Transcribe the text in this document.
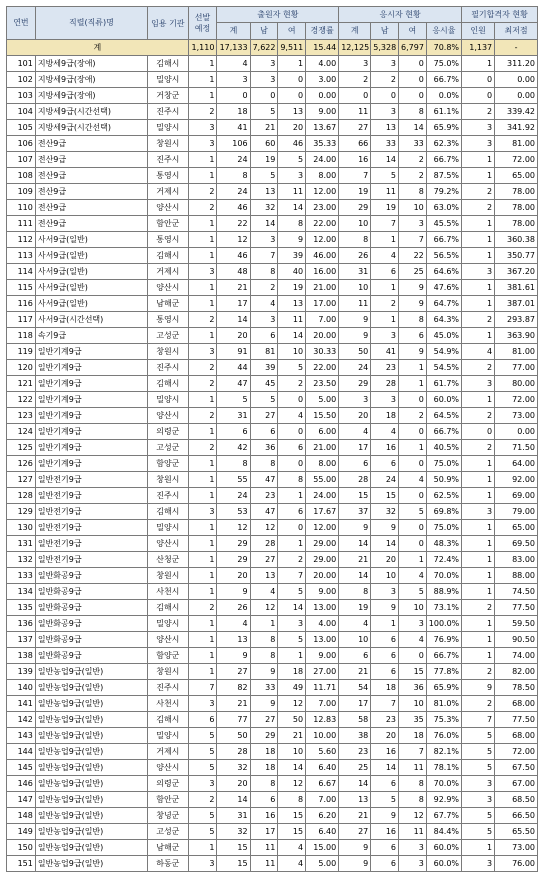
연번	직렬(직류)명	임용 기관	선발 예정	출원자 현황				응시자 현황				필기합격자 현황	
				계	남	여	경쟁률	계	남	여	응시율	인원	최저점
계			1,110	17,133	7,622	9,511	15.44	12,125	5,328	6,797	70.8%	1,137	-
101	지방세9급(장애)	김해시	1	4	3	1	4.00	3	3	0	75.0%	1	311.20
102	지방세9급(장애)	밀양시	1	3	3	0	3.00	2	2	0	66.7%	0	0.00
103	지방세9급(장애)	거창군	1	0	0	0	0.00	0	0	0	0.0%	0	0.00
104	지방세9급(시간선택)	진주시	2	18	5	13	9.00	11	3	8	61.1%	2	339.42
105	지방세9급(시간선택)	밀양시	3	41	21	20	13.67	27	13	14	65.9%	3	341.92
106	전산9급	창원시	3	106	60	46	35.33	66	33	33	62.3%	3	81.00
107	전산9급	진주시	1	24	19	5	24.00	16	14	2	66.7%	1	72.00
108	전산9급	통영시	1	8	5	3	8.00	7	5	2	87.5%	1	65.00
109	전산9급	거제시	2	24	13	11	12.00	19	11	8	79.2%	2	78.00
110	전산9급	양산시	2	46	32	14	23.00	29	19	10	63.0%	2	78.00
111	전산9급	함안군	1	22	14	8	22.00	10	7	3	45.5%	1	78.00
112	사서9급(일반)	통영시	1	12	3	9	12.00	8	1	7	66.7%	1	360.38
113	사서9급(일반)	김해시	1	46	7	39	46.00	26	4	22	56.5%	1	350.77
114	사서9급(일반)	거제시	3	48	8	40	16.00	31	6	25	64.6%	3	367.20
115	사서9급(일반)	양산시	1	21	2	19	21.00	10	1	9	47.6%	1	381.61
116	사서9급(일반)	남해군	1	17	4	13	17.00	11	2	9	64.7%	1	387.01
117	사서9급(시간선택)	통영시	2	14	3	11	7.00	9	1	8	64.3%	2	293.87
118	속기9급	고성군	1	20	6	14	20.00	9	3	6	45.0%	1	363.90
119	일반기계9급	창원시	3	91	81	10	30.33	50	41	9	54.9%	4	81.00
120	일반기계9급	진주시	2	44	39	5	22.00	24	23	1	54.5%	2	77.00
121	일반기계9급	김해시	2	47	45	2	23.50	29	28	1	61.7%	3	80.00
122	일반기계9급	밀양시	1	5	5	0	5.00	3	3	0	60.0%	1	72.00
123	일반기계9급	양산시	2	31	27	4	15.50	20	18	2	64.5%	2	73.00
124	일반기계9급	의령군	1	6	6	0	6.00	4	4	0	66.7%	0	0.00
125	일반기계9급	고성군	2	42	36	6	21.00	17	16	1	40.5%	2	71.50
126	일반기계9급	함양군	1	8	8	0	8.00	6	6	0	75.0%	1	64.00
127	일반전기9급	창원시	1	55	47	8	55.00	28	24	4	50.9%	1	92.00
128	일반전기9급	진주시	1	24	23	1	24.00	15	15	0	62.5%	1	69.00
129	일반전기9급	김해시	3	53	47	6	17.67	37	32	5	69.8%	3	79.00
130	일반전기9급	밀양시	1	12	12	0	12.00	9	9	0	75.0%	1	65.00
131	일반전기9급	양산시	1	29	28	1	29.00	14	14	0	48.3%	1	69.50
132	일반전기9급	산청군	1	29	27	2	29.00	21	20	1	72.4%	1	83.00
133	일반화공9급	창원시	1	20	13	7	20.00	14	10	4	70.0%	1	88.00
134	일반화공9급	사천시	1	9	4	5	9.00	8	3	5	88.9%	1	74.50
135	일반화공9급	김해시	2	26	12	14	13.00	19	9	10	73.1%	2	77.50
136	일반화공9급	밀양시	1	4	1	3	4.00	4	1	3	100.0%	1	59.50
137	일반화공9급	양산시	1	13	8	5	13.00	10	6	4	76.9%	1	90.50
138	일반화공9급	함양군	1	9	8	1	9.00	6	6	0	66.7%	1	74.00
139	일반농업9급(일반)	창원시	1	27	9	18	27.00	21	6	15	77.8%	2	82.00
140	일반농업9급(일반)	진주시	7	82	33	49	11.71	54	18	36	65.9%	9	78.50
141	일반농업9급(일반)	사천시	3	21	9	12	7.00	17	7	10	81.0%	2	68.00
142	일반농업9급(일반)	김해시	6	77	27	50	12.83	58	23	35	75.3%	7	77.50
143	일반농업9급(일반)	밀양시	5	50	29	21	10.00	38	20	18	76.0%	5	68.00
144	일반농업9급(일반)	거제시	5	28	18	10	5.60	23	16	7	82.1%	5	72.00
145	일반농업9급(일반)	양산시	5	32	18	14	6.40	25	14	11	78.1%	5	67.50
146	일반농업9급(일반)	의령군	3	20	8	12	6.67	14	6	8	70.0%	3	67.00
147	일반농업9급(일반)	함안군	2	14	6	8	7.00	13	5	8	92.9%	3	68.50
148	일반농업9급(일반)	창녕군	5	31	16	15	6.20	21	9	12	67.7%	5	66.50
149	일반농업9급(일반)	고성군	5	32	17	15	6.40	27	16	11	84.4%	5	65.50
150	일반농업9급(일반)	남해군	1	15	11	4	15.00	9	6	3	60.0%	1	73.00
151	일반농업9급(일반)	하동군	3	15	11	4	5.00	9	6	3	60.0%	3	76.00
